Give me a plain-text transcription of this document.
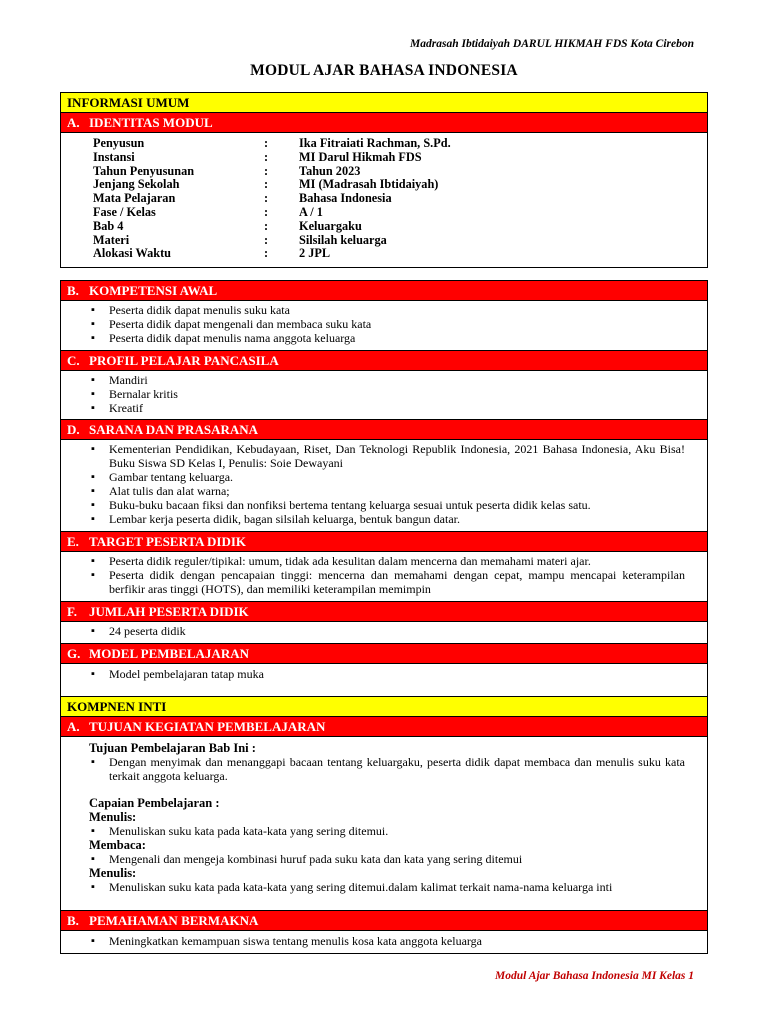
Madrasah Ibtidaiyah DARUL HIKMAH FDS Kota Cirebon
MODUL AJAR BAHASA INDONESIA
INFORMASI UMUM
A. IDENTITAS MODUL
Penyusun	:	Ika Fitraiati Rachman, S.Pd.
Instansi	:	MI Darul Hikmah FDS
Tahun Penyusunan	:	Tahun 2023
Jenjang Sekolah	:	MI (Madrasah Ibtidaiyah)
Mata Pelajaran	:	Bahasa Indonesia
Fase / Kelas	:	A / 1
Bab 4	:	Keluargaku
Materi	:	Silsilah keluarga
Alokasi Waktu	:	2 JPL
B. KOMPETENSI AWAL
▪ Peserta didik dapat menulis suku kata
▪ Peserta didik dapat mengenali dan membaca suku kata
▪ Peserta didik dapat menulis nama anggota keluarga
C. PROFIL PELAJAR PANCASILA
▪ Mandiri
▪ Bernalar kritis
▪ Kreatif
D. SARANA DAN PRASARANA
▪ Kementerian Pendidikan, Kebudayaan, Riset, Dan Teknologi Republik Indonesia, 2021 Bahasa Indonesia, Aku Bisa! Buku Siswa SD Kelas I, Penulis: Soie Dewayani
▪ Gambar tentang keluarga.
▪ Alat tulis dan alat warna;
▪ Buku-buku bacaan fiksi dan nonfiksi bertema tentang keluarga sesuai untuk peserta didik kelas satu.
▪ Lembar kerja peserta didik, bagan silsilah keluarga, bentuk bangun datar.
E. TARGET PESERTA DIDIK
▪ Peserta didik reguler/tipikal: umum, tidak ada kesulitan dalam mencerna dan memahami materi ajar.
▪ Peserta didik dengan pencapaian tinggi: mencerna dan memahami dengan cepat, mampu mencapai keterampilan berfikir aras tinggi (HOTS), dan memiliki keterampilan memimpin
F. JUMLAH PESERTA DIDIK
▪ 24 peserta didik
G. MODEL PEMBELAJARAN
▪ Model pembelajaran tatap muka
KOMPNEN INTI
A. TUJUAN KEGIATAN PEMBELAJARAN
Tujuan Pembelajaran Bab Ini :
▪ Dengan menyimak dan menanggapi bacaan tentang keluargaku, peserta didik dapat membaca dan menulis suku kata terkait anggota keluarga.
Capaian Pembelajaran :
Menulis:
▪ Menuliskan suku kata pada kata-kata yang sering ditemui.
Membaca:
▪ Mengenali dan mengeja kombinasi huruf pada suku kata dan kata yang sering ditemui
Menulis:
▪ Menuliskan suku kata pada kata-kata yang sering ditemui.dalam kalimat terkait nama-nama keluarga inti
B. PEMAHAMAN BERMAKNA
▪ Meningkatkan kemampuan siswa tentang menulis kosa kata anggota keluarga
Modul Ajar Bahasa Indonesia MI Kelas 1
